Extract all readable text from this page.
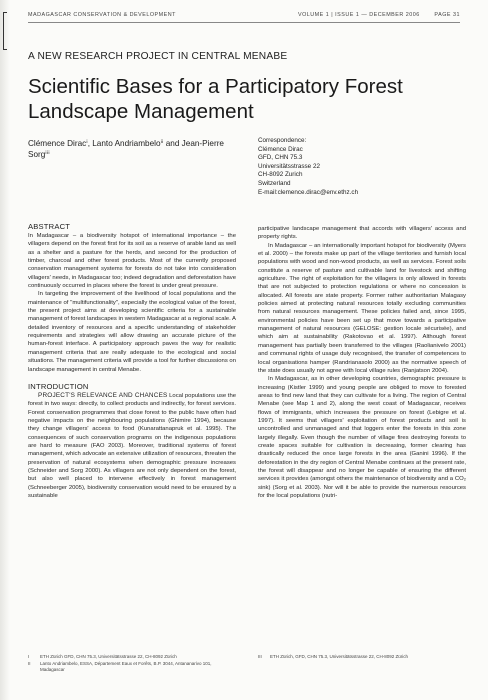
MADAGASCAR CONSERVATION & DEVELOPMENT	VOLUME 1 | ISSUE 1 — DECEMBER 2006	PAGE 31
A NEW RESEARCH PROJECT IN CENTRAL MENABE
Scientific Bases for a Participatory Forest Landscape Management
Clémence Diracⁱ, Lanto Andriambeloⁱⁱ and Jean-Pierre Sorgⁱⁱⁱ
Correspondence:
Clémence Dirac
GFD, CHN 75.3
Universitätsstrasse 22
CH-8092 Zurich
Switzerland
E-mail:clemence.dirac@env.ethz.ch
ABSTRACT

In Madagascar – a biodiversity hotspot of international importance – the villagers depend on the forest first for its soil as a reserve of arable land as well as a shelter and a pasture for the herds, and second for the production of timber, charcoal and other forest products. Most of the currently proposed conservation management systems for forests do not take into consideration villagers' needs, in Madagascar too; indeed degradation and deforestation have continuously occurred in places where the forest is under great pressure.

In targeting the improvement of the livelihood of local populations and the maintenance of "multifunctionality", especially the ecological value of the forest, the present project aims at developing scientific criteria for a sustainable management of forest landscapes in western Madagascar at a regional scale. A detailed inventory of resources and a specific understanding of stakeholder requirements and strategies will allow drawing an accurate picture of the human-forest interface. A participatory approach paves the way for realistic management criteria that are really adequate to the ecological and social situations. The management criteria will provide a tool for further discussions on landscape management in central Menabe.

INTRODUCTION

PROJECT'S RELEVANCE AND CHANCES Local populations use the forest in two ways: directly, to collect products and indirectly, for forest services. Forest conservation programmes that close forest to the public have often had negative impacts on the neighbouring populations (Ghimire 1994), because they change villagers' access to food (Kunarattanapruk et al. 1995). The consequences of such conservation programs on the indigenous populations are hard to measure (FAO 2003). Moreover, traditional systems of forest management, which advocate an extensive utilization of resources, threaten the preservation of natural ecosystems when demographic pressure increases (Schneider and Sorg 2000). As villagers are not only dependent on the forest, but also well placed to intervene effectively in forest management (Schneeberger 2005), biodiversity conservation would need to be ensured by a sustainable

participative landscape management that accords with villagers' access and property rights.

In Madagascar – an internationally important hotspot for biodiversity (Myers et al. 2000) – the forests make up part of the village territories and furnish local populations with wood and non-wood products, as well as services. Forest soils constitute a reserve of pasture and cultivable land for livestock and shifting agriculture. The right of exploitation for the villagers is only allowed in forests that are not subjected to protection regulations or where no concession is allocated. All forests are state property. Former rather authoritarian Malagasy policies aimed at protecting natural resources totally excluding communities from natural resources management. These policies failed and, since 1995, environmental policies have been set up that move towards a participative management of natural resources (GELOSE: gestion locale sécurisée), and which aim at sustainability (Rakotovao et al. 1997). Although forest management has partially been transferred to the villages (Raolianivelo 2001) and communal rights of usage duly recognised, the transfer of competences to local organisations hamper (Randrianasolo 2000) as the normative speech of the state does usually not agree with local village rules (Ranjatson 2004).

In Madagascar, as in other developing countries, demographic pressure is increasing (Kistler 1999) and young people are obliged to move to forested areas to find new land that they can cultivate for a living. The region of Central Menabe (see Map 1 and 2), along the west coast of Madagascar, receives flows of immigrants, which increases the pressure on forest (Lebigre et al. 1997). It seems that villagers' exploitation of forest products and soil is uncontrolled and unmanaged and that loggers enter the forests in this zone largely illegally. Even though the number of village fires destroying forests to create spaces suitable for cultivation is decreasing, former clearing has drastically reduced the once large forests in the area (Ganini 1996). If the deforestation in the dry region of Central Menabe continues at the present rate, the forest will disappear and no longer be capable of ensuring the different services it provides (amongst others the maintenance of biodiversity and a CO₂ sink) (Sorg et al. 2003). Nor will it be able to provide the numerous resources for the local populations (nutri-

I	ETH Zürich GFD, CHN 75.3, Universitätsstrasse 22, CH-8092 Zürich
II	Lanto Andriambelo, ESSA, Département Eaux et Forêts, B.P. 3044, Antananarivo 101, Madagascar
III	ETH Zürich, GFD, CHN 75.3, Universitätsstrasse 22, CH-8092 Zürich
